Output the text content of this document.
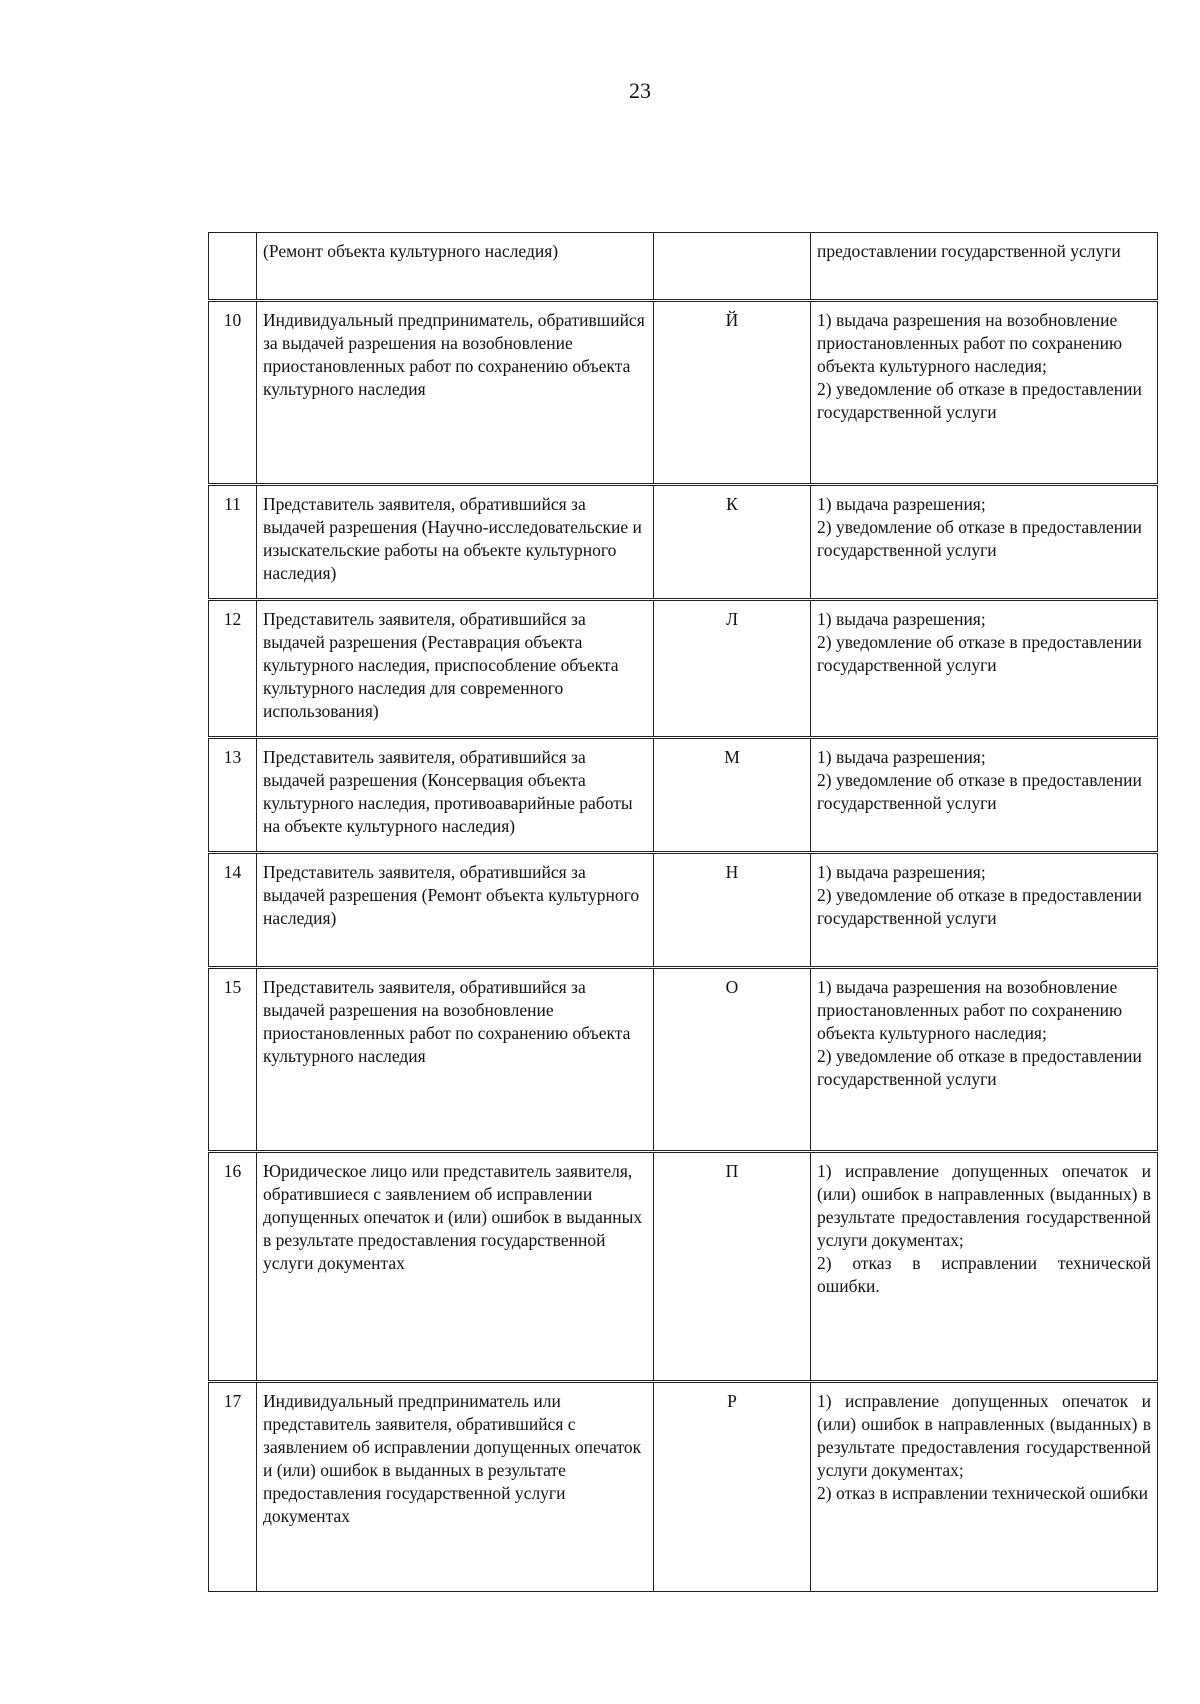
23
	(Ремонт объекта культурного наследия)		предоставлении государственной услуги
10	Индивидуальный предприниматель, обратившийся за выдачей разрешения на возобновление приостановленных работ по сохранению объекта культурного наследия	Й	1) выдача разрешения на возобновление приостановленных работ по сохранению объекта культурного наследия;
2) уведомление об отказе в предоставлении государственной услуги
11	Представитель заявителя, обратившийся за выдачей разрешения (Научно-исследовательские и изыскательские работы на объекте культурного наследия)	К	1) выдача разрешения;
2) уведомление об отказе в предоставлении государственной услуги
12	Представитель заявителя, обратившийся за выдачей разрешения (Реставрация объекта культурного наследия, приспособление объекта культурного наследия для современного использования)	Л	1) выдача разрешения;
2) уведомление об отказе в предоставлении государственной услуги
13	Представитель заявителя, обратившийся за выдачей разрешения (Консервация объекта культурного наследия, противоаварийные работы на объекте культурного наследия)	М	1) выдача разрешения;
2) уведомление об отказе в предоставлении государственной услуги
14	Представитель заявителя, обратившийся за выдачей разрешения (Ремонт объекта культурного наследия)	Н	1) выдача разрешения;
2) уведомление об отказе в предоставлении государственной услуги
15	Представитель заявителя, обратившийся за выдачей разрешения на возобновление приостановленных работ по сохранению объекта культурного наследия	О	1) выдача разрешения на возобновление приостановленных работ по сохранению объекта культурного наследия;
2) уведомление об отказе в предоставлении государственной услуги
16	Юридическое лицо или представитель заявителя, обратившиеся с заявлением об исправлении допущенных опечаток и (или) ошибок в выданных в результате предоставления государственной услуги документах	П	1) исправление допущенных опечаток и (или) ошибок в направленных (выданных) в результате предоставления государственной услуги документах;
2) отказ в исправлении технической ошибки.
17	Индивидуальный предприниматель или представитель заявителя, обратившийся с заявлением об исправлении допущенных опечаток и (или) ошибок в выданных в результате предоставления государственной услуги документах	Р	1) исправление допущенных опечаток и (или) ошибок в направленных (выданных) в результате предоставления государственной услуги документах;
2) отказ в исправлении технической ошибки
